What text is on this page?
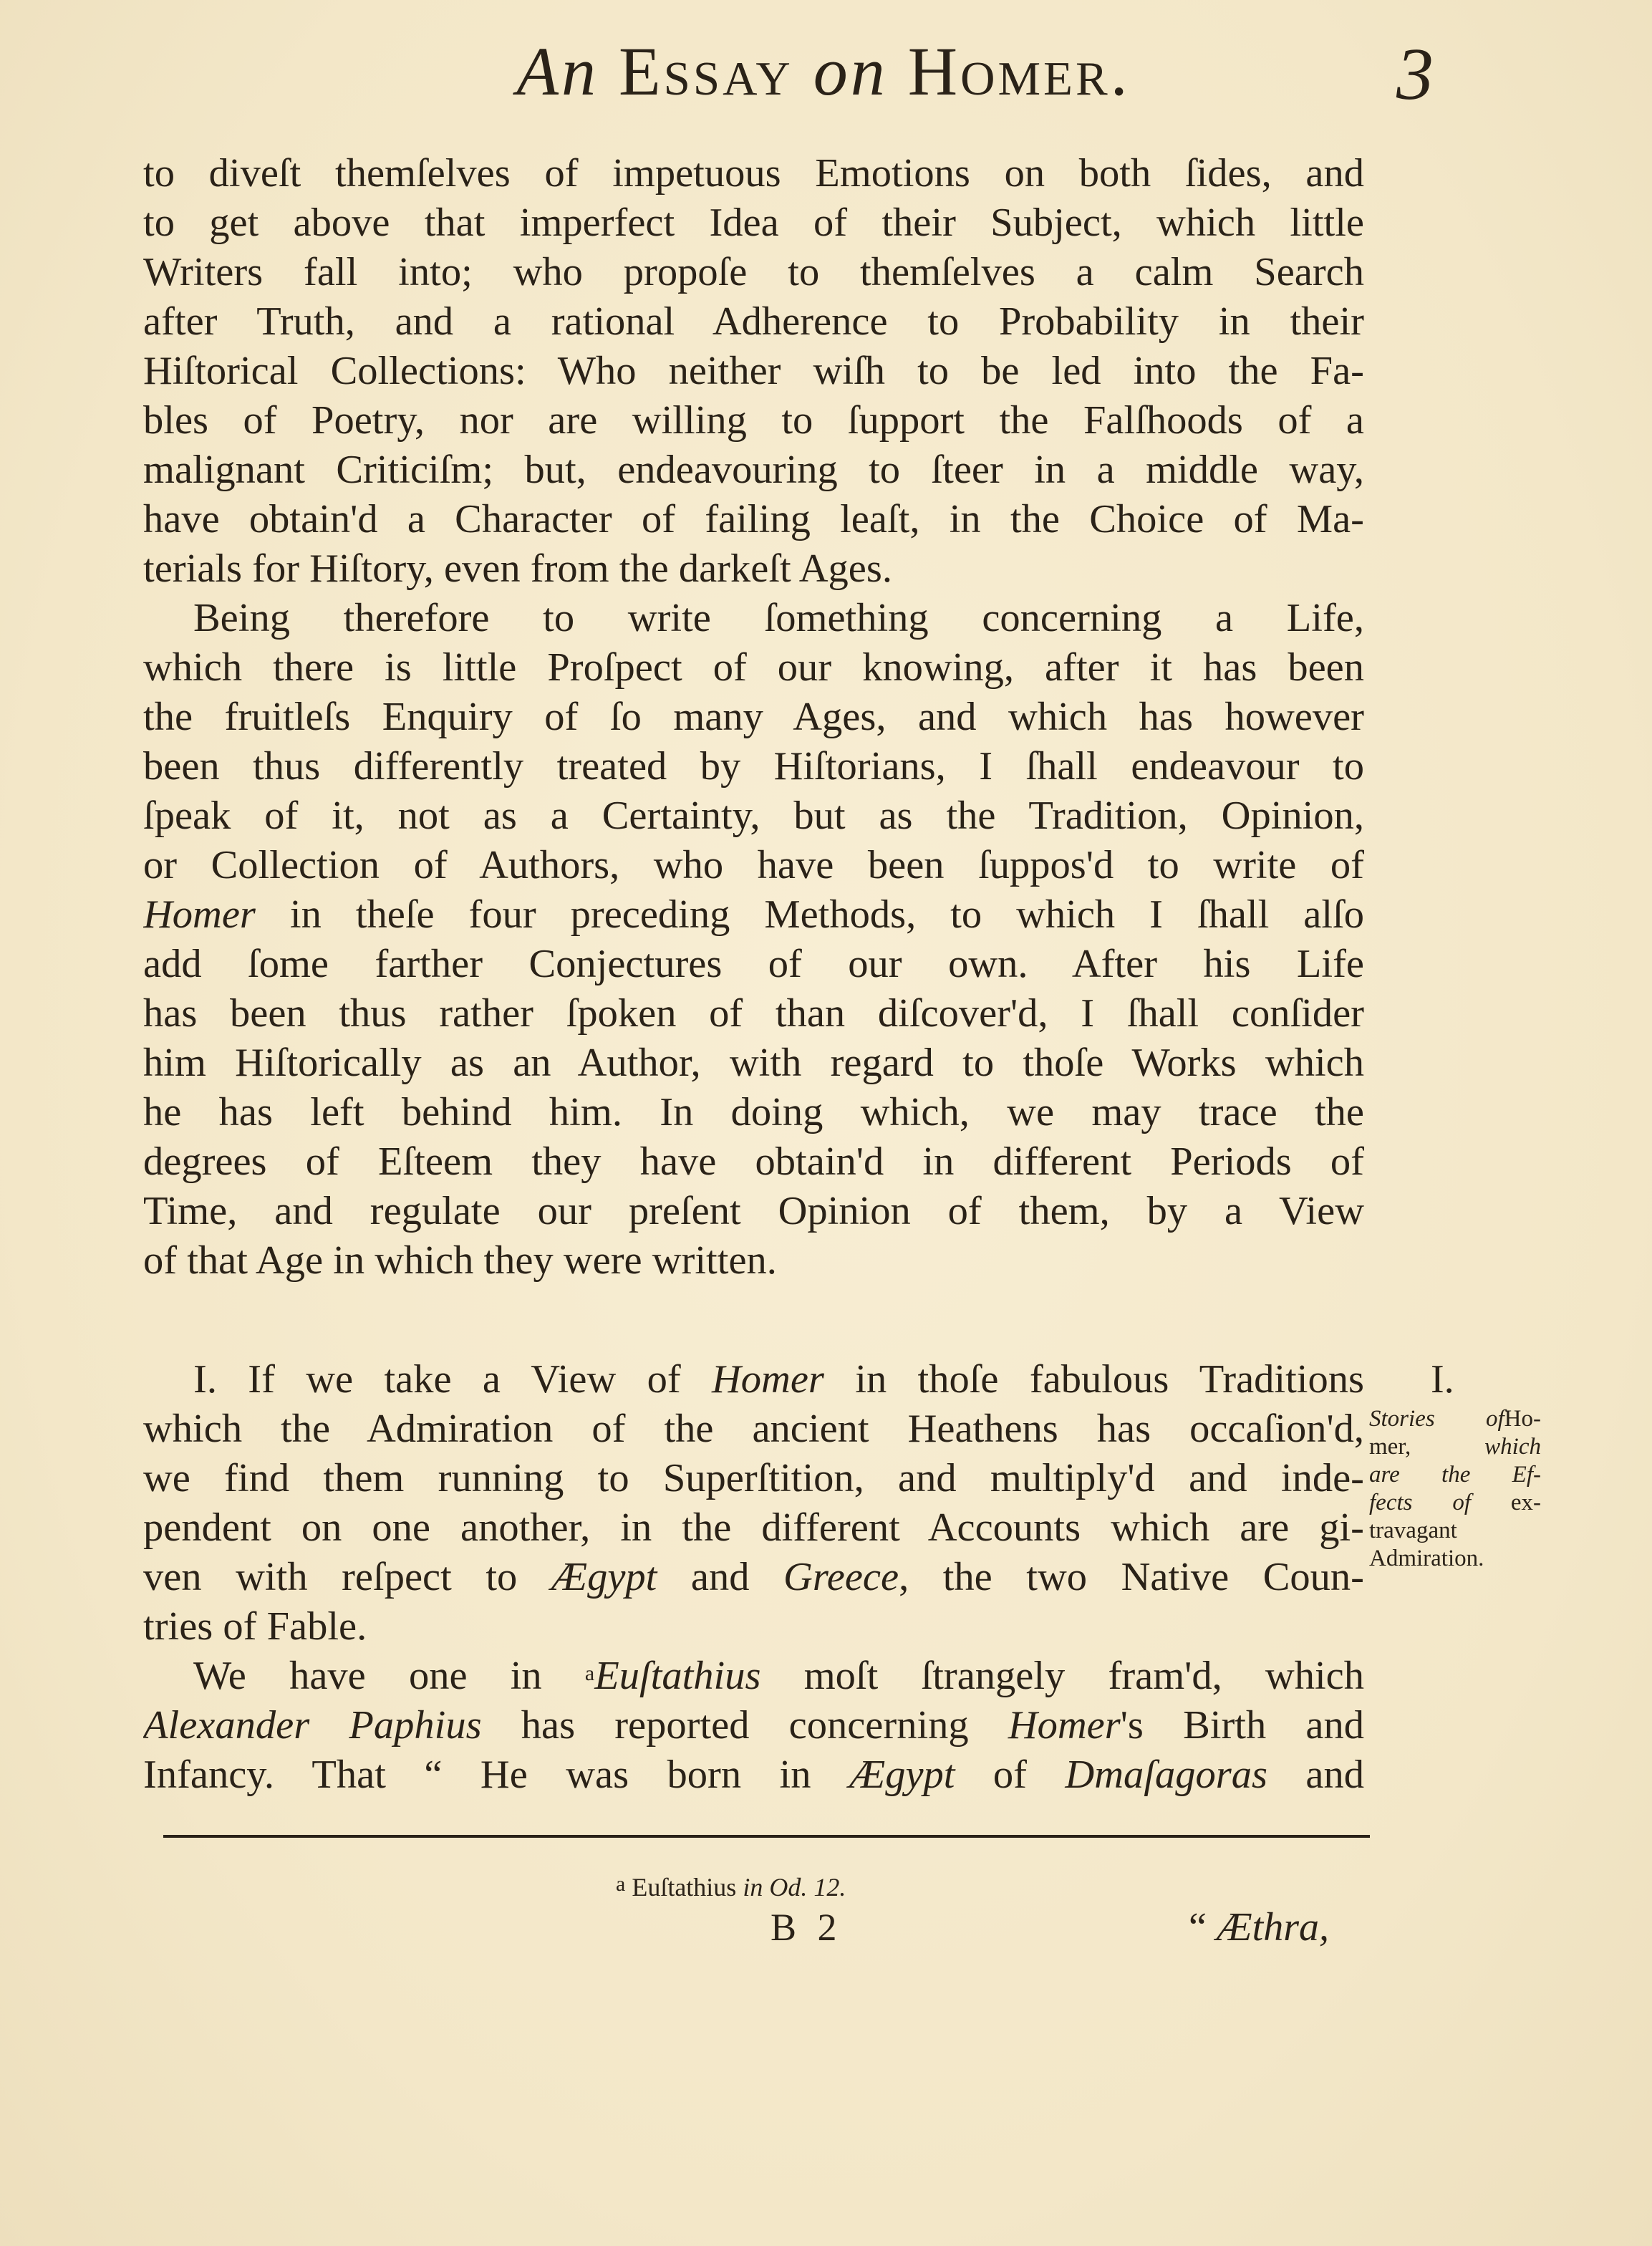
An Essay on Homer.	3
to diveſt themſelves of impetuous Emotions on both ſides, and
to get above that imperfect Idea of their Subject, which little
Writers fall into; who propoſe to themſelves a calm Search
after Truth, and a rational Adherence to Probability in their
Hiſtorical Collections: Who neither wiſh to be led into the Fa-
bles of Poetry, nor are willing to ſupport the Falſhoods of a
malignant Criticiſm; but, endeavouring to ſteer in a middle way,
have obtain'd a Character of failing leaſt, in the Choice of Ma-
terials for Hiſtory, even from the darkeſt Ages.
Being therefore to write ſomething concerning a Life,
which there is little Proſpect of our knowing, after it has been
the fruitleſs Enquiry of ſo many Ages, and which has however
been thus differently treated by Hiſtorians, I ſhall endeavour to
ſpeak of it, not as a Certainty, but as the Tradition, Opinion,
or Collection of Authors, who have been ſuppos'd to write of
Homer in theſe four preceding Methods, to which I ſhall alſo
add ſome farther Conjectures of our own. After his Life
has been thus rather ſpoken of than diſcover'd, I ſhall conſider
him Hiſtorically as an Author, with regard to thoſe Works which
he has left behind him. In doing which, we may trace the
degrees of Eſteem they have obtain'd in different Periods of
Time, and regulate our preſent Opinion of them, by a View
of that Age in which they were written.
I.
I. If we take a View of Homer in thoſe fabulous Traditions
which the Admiration of the ancient Heathens has occaſion'd,
we find them running to Superſtition, and multiply'd and inde-
pendent on one another, in the different Accounts which are gi-
ven with reſpect to Ægypt and Greece, the two Native Coun-
tries of Fable.
We have one in $^a$Euſtathius moſt ſtrangely fram'd, which
Alexander Paphius has reported concerning Homer's Birth and
Infancy. That “ He was born in Ægypt of Dmaſagoras and
Stories ofHo-
mer, which
are the Ef-
fects of ex-
travagant
Admiration.
$^a$ Euſtathius in Od. 12.
B 2	“ Æthra,
